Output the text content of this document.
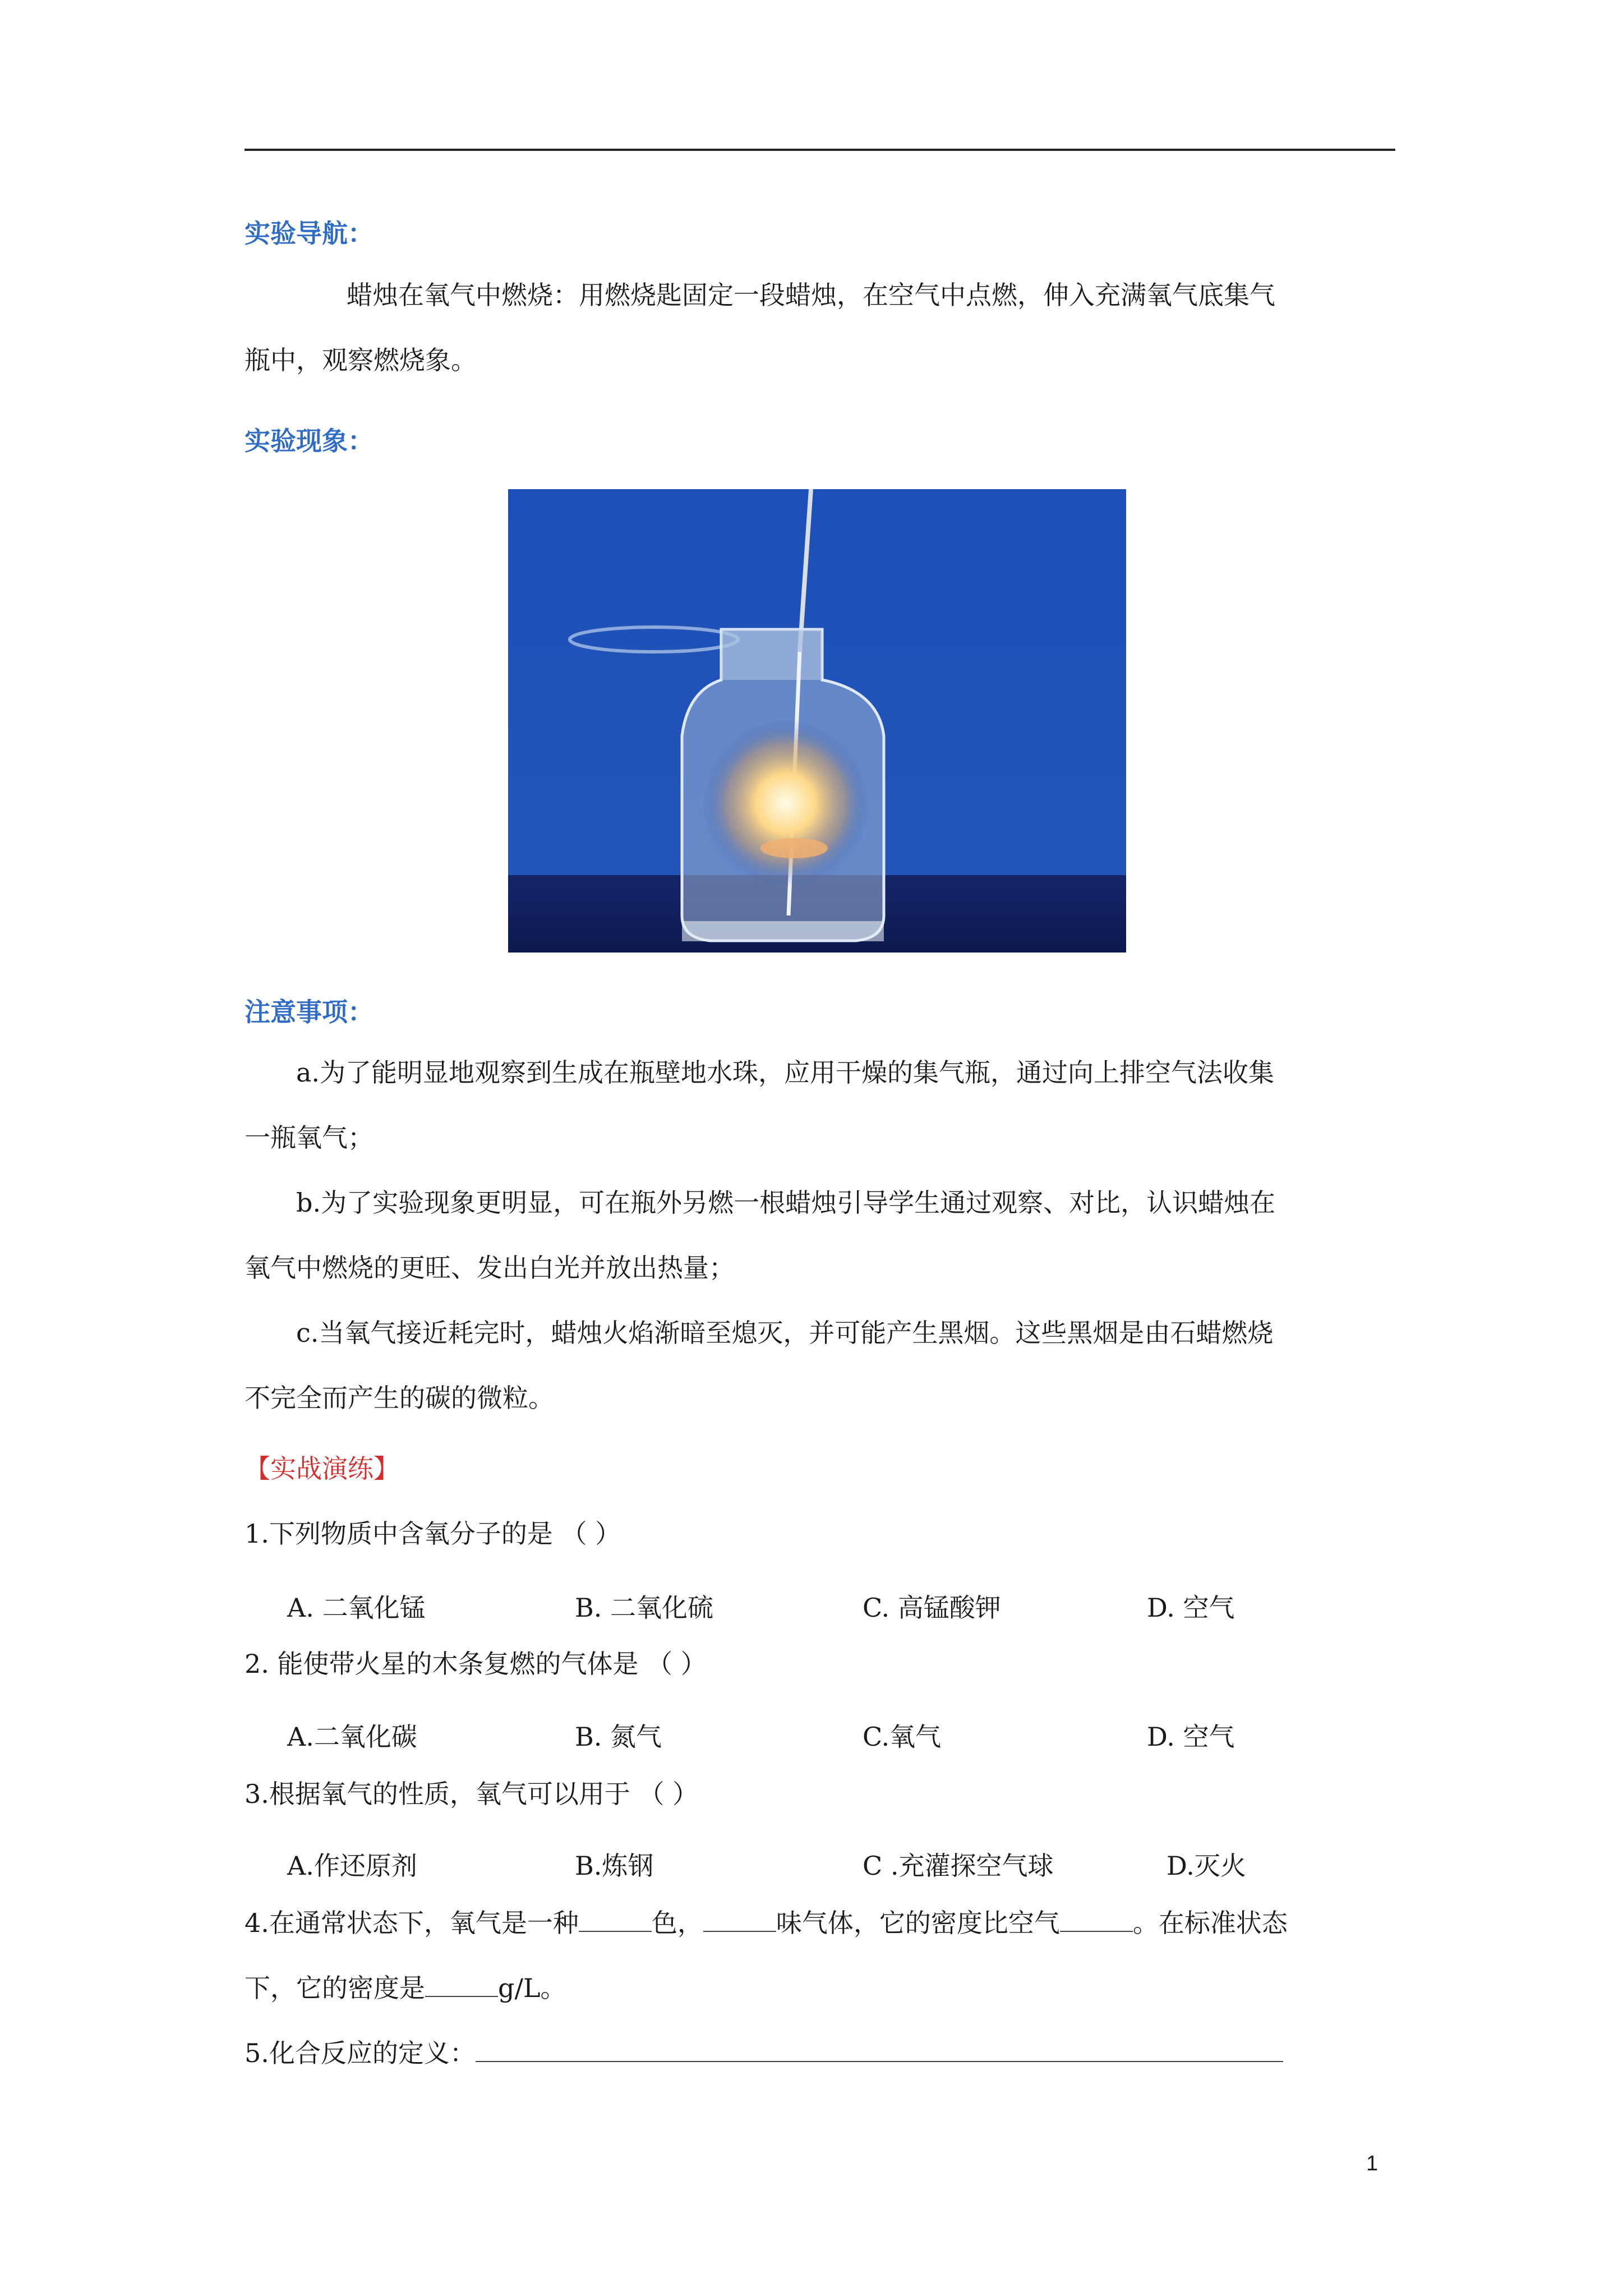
实验导航：
蜡烛在氧气中燃烧：用燃烧匙固定一段蜡烛，在空气中点燃，伸入充满氧气底集气
瓶中，观察燃烧象。
实验现象：
注意事项：
a.为了能明显地观察到生成在瓶壁地水珠，应用干燥的集气瓶，通过向上排空气法收集
一瓶氧气；
b.为了实验现象更明显，可在瓶外另燃一根蜡烛引导学生通过观察、对比，认识蜡烛在
氧气中燃烧的更旺、发出白光并放出热量；
c.当氧气接近耗完时，蜡烛火焰渐暗至熄灭，并可能产生黑烟。这些黑烟是由石蜡燃烧
不完全而产生的碳的微粒。
【实战演练】
1.下列物质中含氧分子的是 （ ）
A. 二氧化锰	B. 二氧化硫	C. 高锰酸钾	D. 空气
2. 能使带火星的木条复燃的气体是 （ ）
A.二氧化碳	B. 氮气	C.氧气	D. 空气
3.根据氧气的性质，氧气可以用于 （ ）
A.作还原剂	B.炼钢	C .充灌探空气球	D.灭火
4.在通常状态下，氧气是一种	色，	味气体，它的密度比空气	。在标准状态
下，它的密度是	g/L。
5.化合反应的定义：
1
